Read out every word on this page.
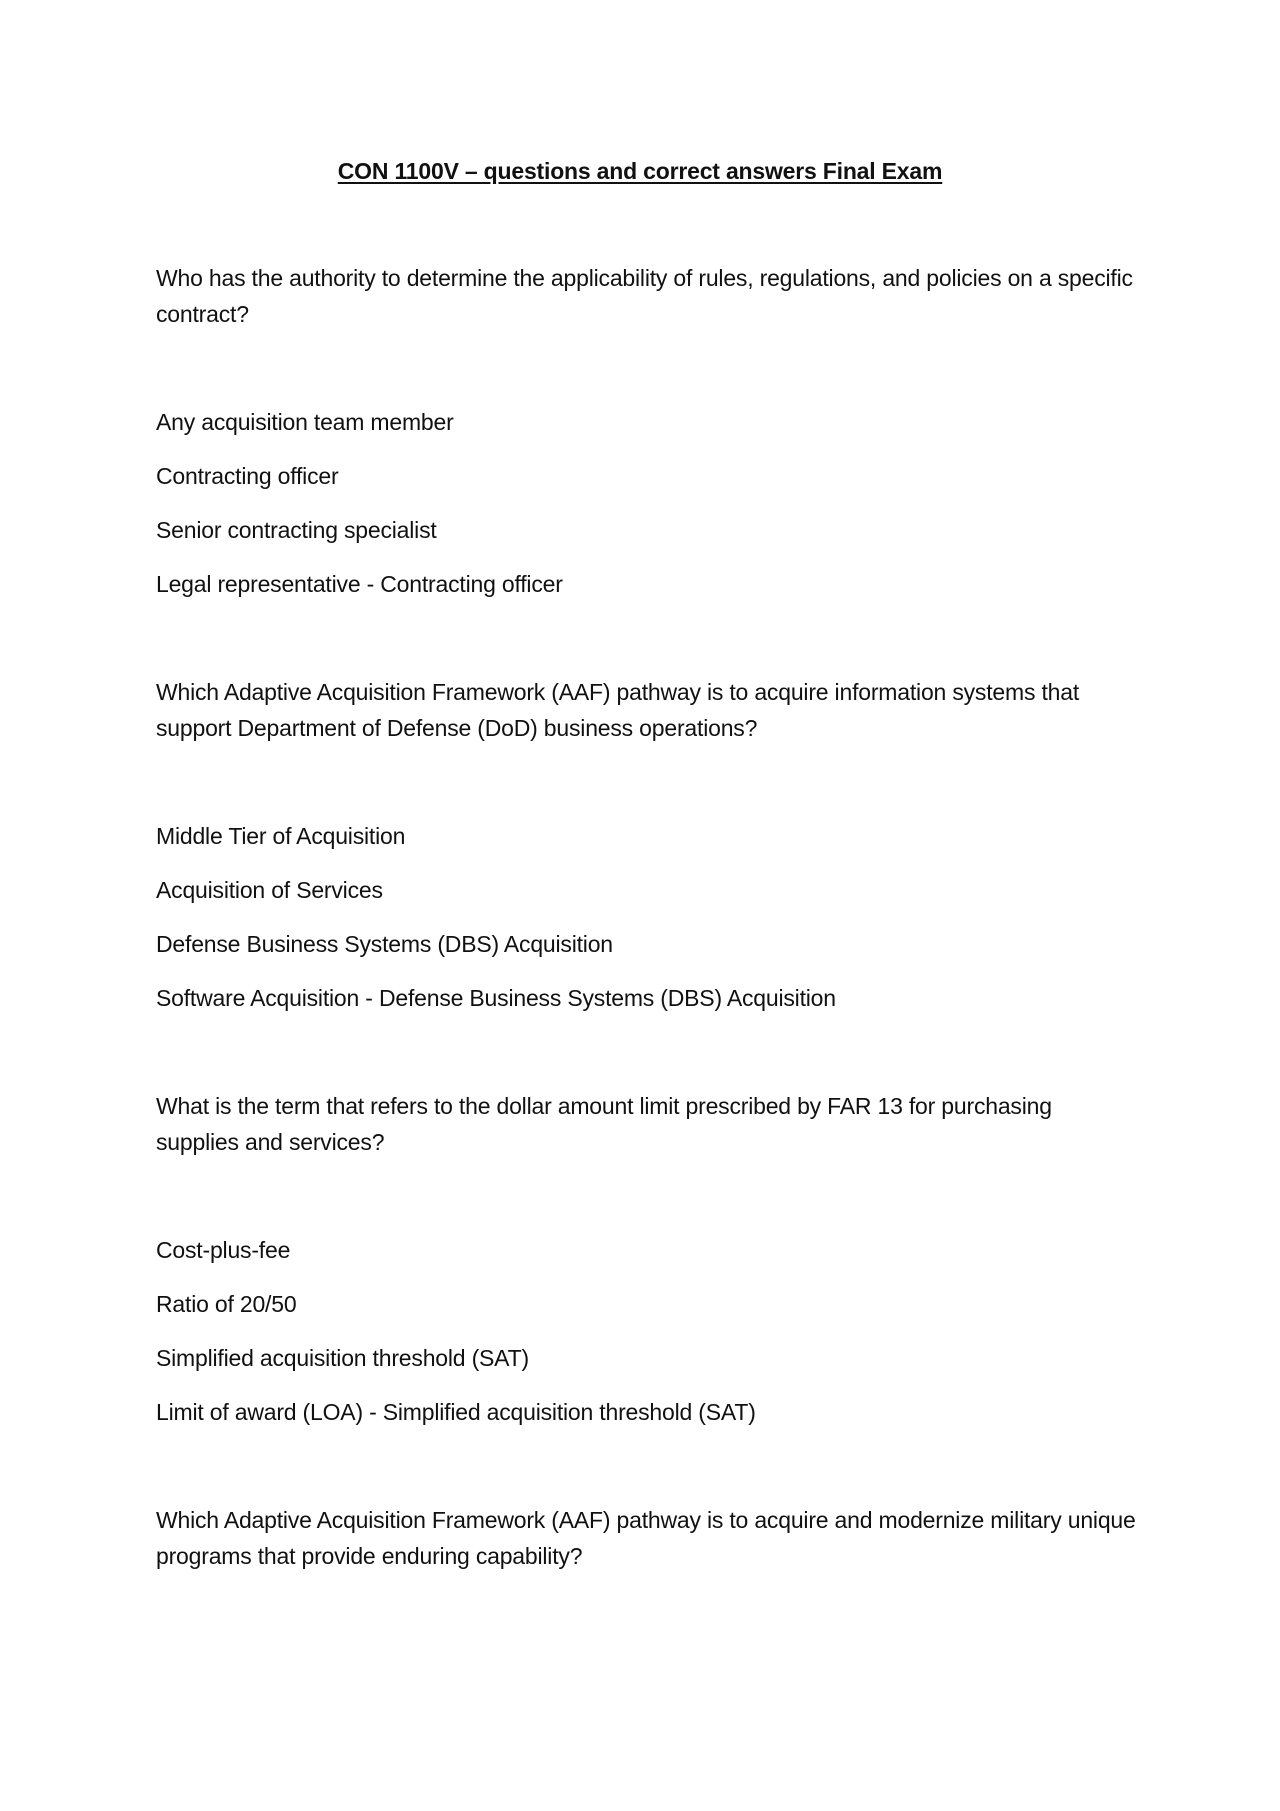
CON 1100V – questions and correct answers Final Exam

Who has the authority to determine the applicability of rules, regulations, and policies on a specific contract?

Any acquisition team member
Contracting officer
Senior contracting specialist
Legal representative - Contracting officer

Which Adaptive Acquisition Framework (AAF) pathway is to acquire information systems that support Department of Defense (DoD) business operations?

Middle Tier of Acquisition
Acquisition of Services
Defense Business Systems (DBS) Acquisition
Software Acquisition - Defense Business Systems (DBS) Acquisition

What is the term that refers to the dollar amount limit prescribed by FAR 13 for purchasing supplies and services?

Cost-plus-fee
Ratio of 20/50
Simplified acquisition threshold (SAT)
Limit of award (LOA) - Simplified acquisition threshold (SAT)

Which Adaptive Acquisition Framework (AAF) pathway is to acquire and modernize military unique programs that provide enduring capability?
